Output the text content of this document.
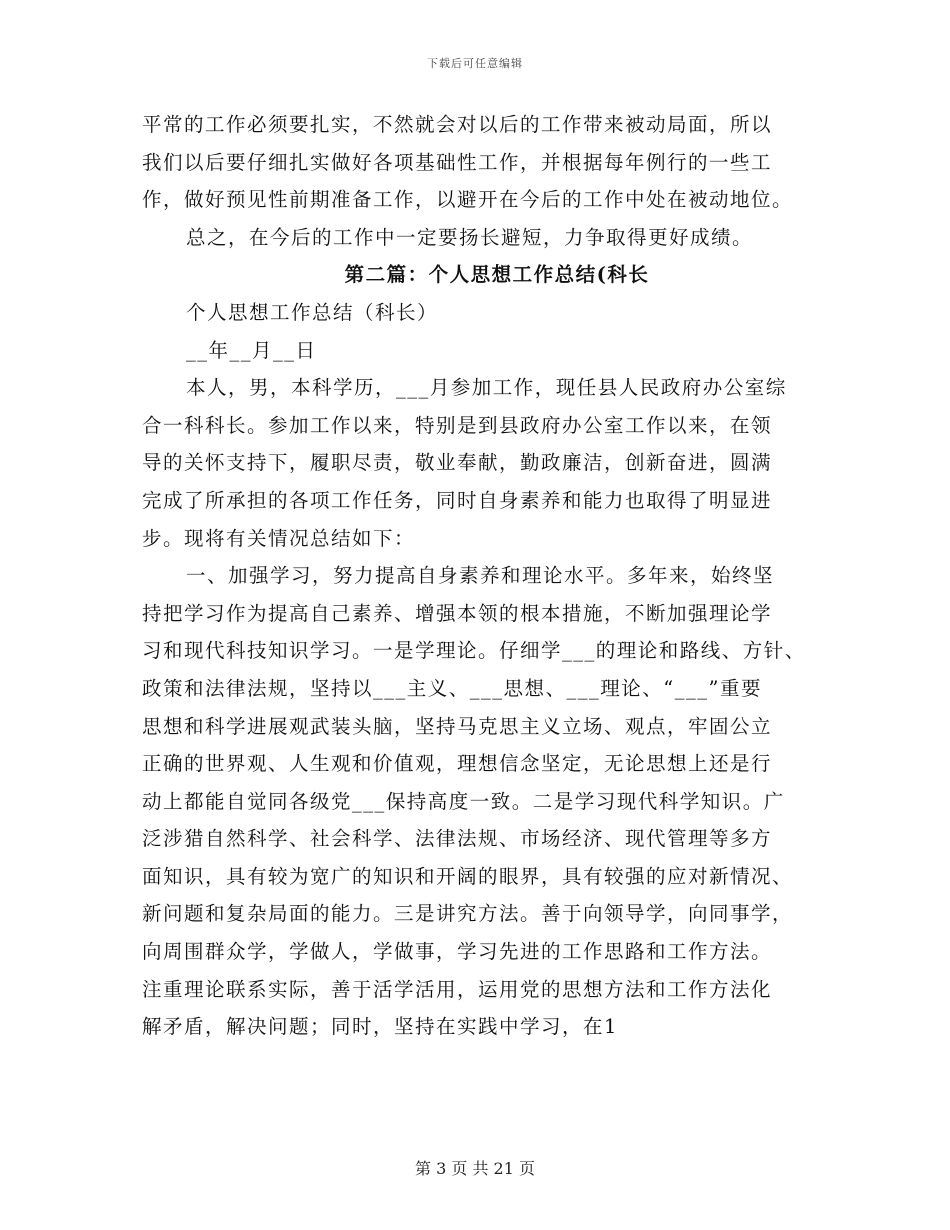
下载后可任意编辑
平常的工作必须要扎实，不然就会对以后的工作带来被动局面，所以
我们以后要仔细扎实做好各项基础性工作，并根据每年例行的一些工
作，做好预见性前期准备工作，以避开在今后的工作中处在被动地位。
总之，在今后的工作中一定要扬长避短，力争取得更好成绩。
第二篇：个人思想工作总结(科长
个人思想工作总结（科长）
__年__月__日
本人，男，本科学历，___月参加工作，现任县人民政府办公室综
合一科科长。参加工作以来，特别是到县政府办公室工作以来，在领
导的关怀支持下，履职尽责，敬业奉献，勤政廉洁，创新奋进，圆满
完成了所承担的各项工作任务，同时自身素养和能力也取得了明显进
步。现将有关情况总结如下：
一、加强学习，努力提高自身素养和理论水平。多年来，始终坚
持把学习作为提高自己素养、增强本领的根本措施，不断加强理论学
习和现代科技知识学习。一是学理论。仔细学___的理论和路线、方针、
政策和法律法规，坚持以___主义、___思想、___理论、“___”重要
思想和科学进展观武装头脑，坚持马克思主义立场、观点，牢固公立
正确的世界观、人生观和价值观，理想信念坚定，无论思想上还是行
动上都能自觉同各级党___保持高度一致。二是学习现代科学知识。广
泛涉猎自然科学、社会科学、法律法规、市场经济、现代管理等多方
面知识，具有较为宽广的知识和开阔的眼界，具有较强的应对新情况、
新问题和复杂局面的能力。三是讲究方法。善于向领导学，向同事学，
向周围群众学，学做人，学做事，学习先进的工作思路和工作方法。
注重理论联系实际，善于活学活用，运用党的思想方法和工作方法化
解矛盾，解决问题；同时，坚持在实践中学习，在1
第 3 页 共 21 页
